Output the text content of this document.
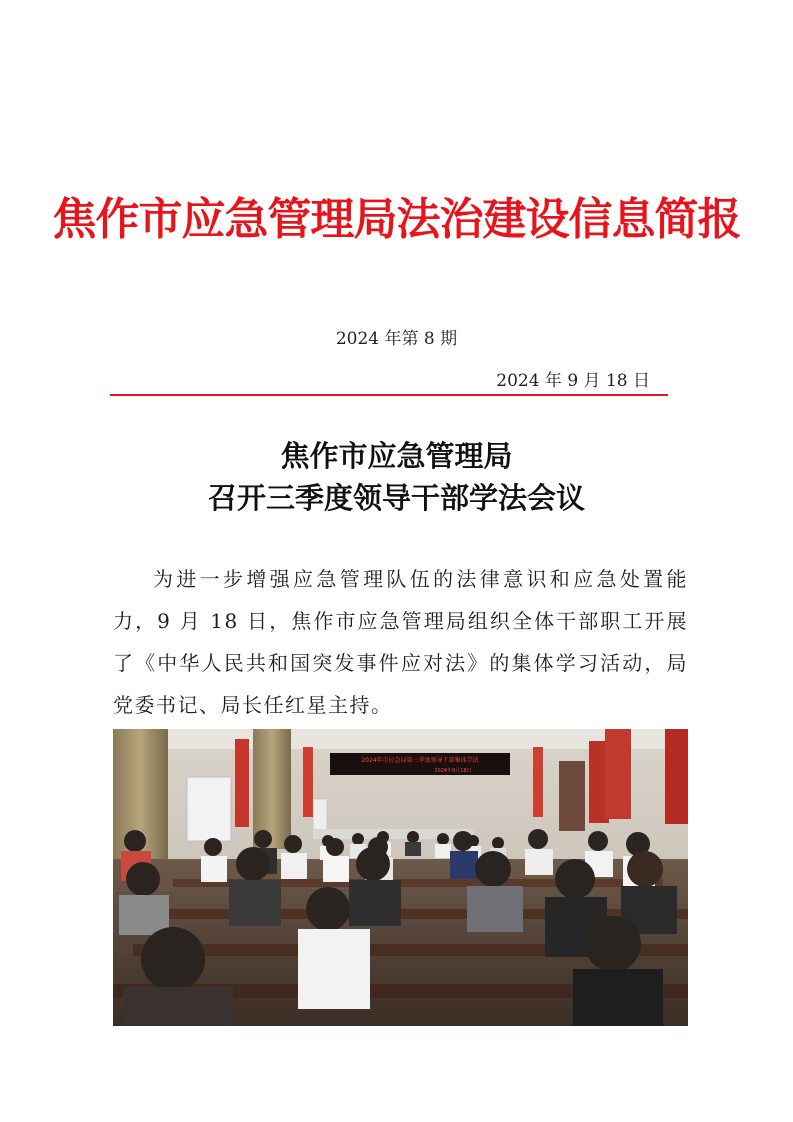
焦作市应急管理局法治建设信息简报
2024 年第 8 期
2024 年 9 月 18 日
焦作市应急管理局
召开三季度领导干部学法会议

为进一步增强应急管理队伍的法律意识和应急处置能力，9 月 18 日，焦作市应急管理局组织全体干部职工开展了《中华人民共和国突发事件应对法》的集体学习活动，局党委书记、局长任红星主持。

2024年市应急局第三季度领导干部集体学法
2024年9月18日
